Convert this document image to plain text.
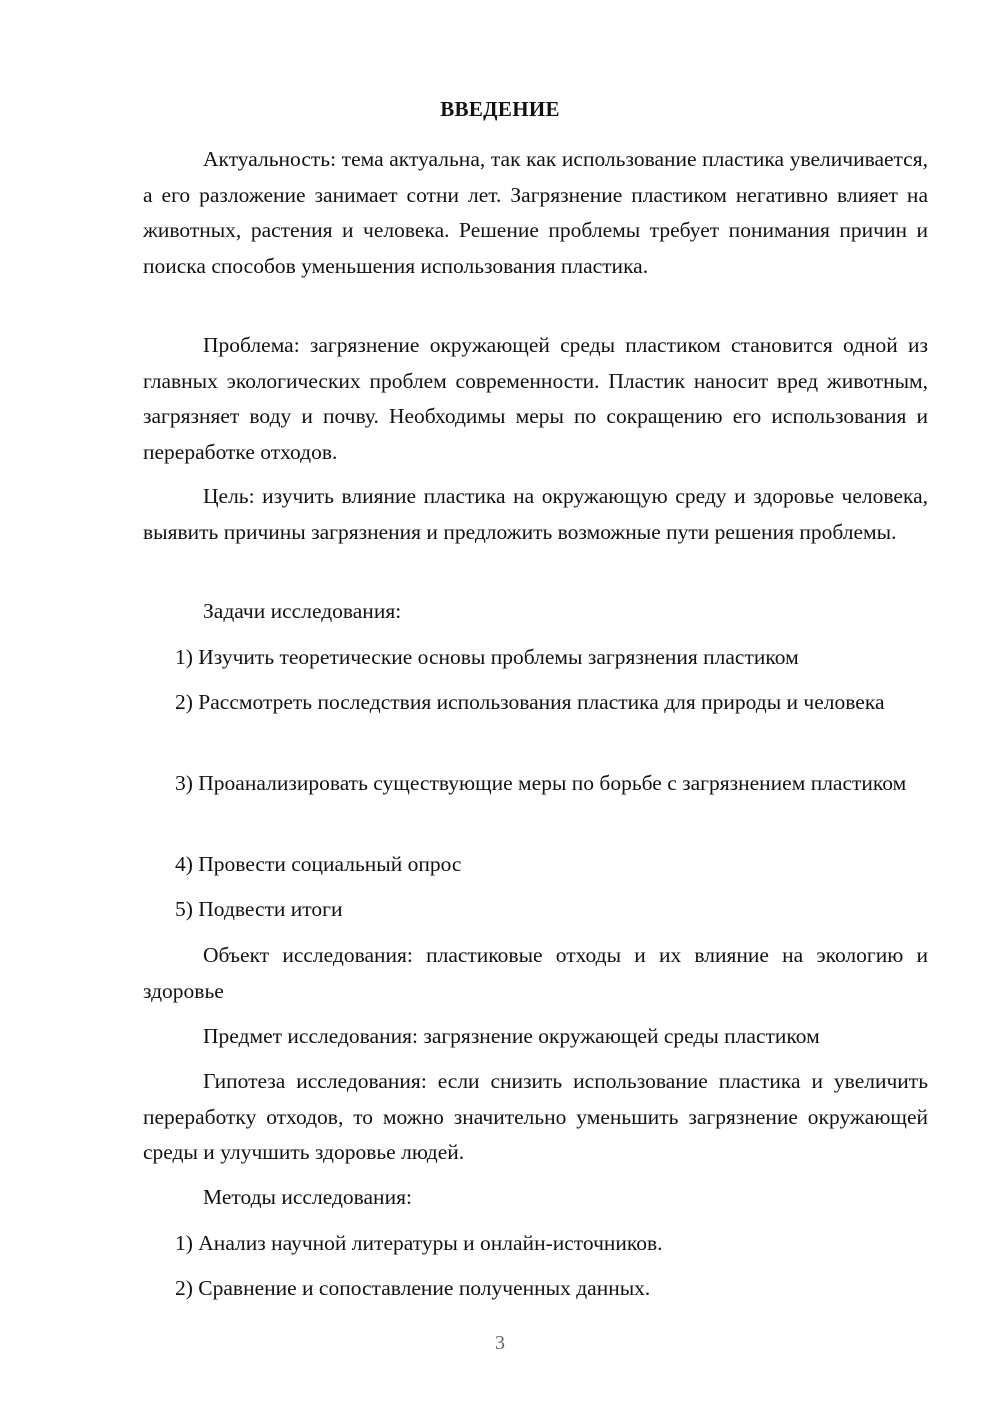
ВВЕДЕНИЕ

Актуальность: тема актуальна, так как использование пластика увеличивается, а его разложение занимает сотни лет. Загрязнение пластиком негативно влияет на животных, растения и человека. Решение проблемы требует понимания причин и поиска способов уменьшения использования пластика.

Проблема: загрязнение окружающей среды пластиком становится одной из главных экологических проблем современности. Пластик наносит вред животным, загрязняет воду и почву. Необходимы меры по сокращению его использования и переработке отходов.

Цель: изучить влияние пластика на окружающую среду и здоровье человека, выявить причины загрязнения и предложить возможные пути решения проблемы.

Задачи исследования:

1) Изучить теоретические основы проблемы загрязнения пластиком

2) Рассмотреть последствия использования пластика для природы и человека

3) Проанализировать существующие меры по борьбе с загрязнением пластиком

4) Провести социальный опрос

5) Подвести итоги

Объект исследования: пластиковые отходы и их влияние на экологию и здоровье

Предмет исследования: загрязнение окружающей среды пластиком

Гипотеза исследования: если снизить использование пластика и увеличить переработку отходов, то можно значительно уменьшить загрязнение окружающей среды и улучшить здоровье людей.

Методы исследования:

1) Анализ научной литературы и онлайн-источников.

2) Сравнение и сопоставление полученных данных.

3
